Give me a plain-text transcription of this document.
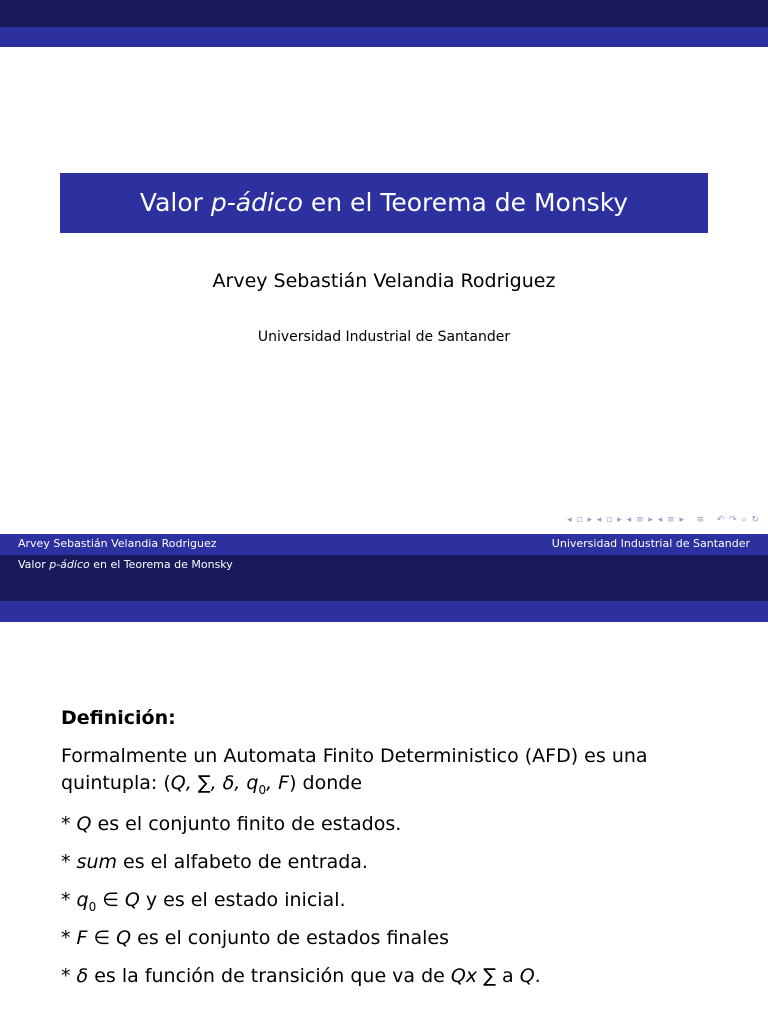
Valor p-ádico en el Teorema de Monsky
Arvey Sebastián Velandia Rodriguez
Universidad Industrial de Santander
◂ ▫ ▸ ◂ ▫ ▸ ◂ ≡ ▸ ◂ ≡ ▸   ≡   ↶ ↷ ⌕ ↻
Arvey Sebastián Velandia Rodriguez	Universidad Industrial de Santander
Valor p-ádico en el Teorema de Monsky
Definición:
Formalmente un Automata Finito Deterministico (AFD) es una
quintupla: (Q, ∑, δ, $q_0$, F) donde
* Q es el conjunto finito de estados.
* sum es el alfabeto de entrada.
* $q_0$ ∈ Q y es el estado inicial.
* F ∈ Q es el conjunto de estados finales
* δ es la función de transición que va de Qx ∑ a Q.
